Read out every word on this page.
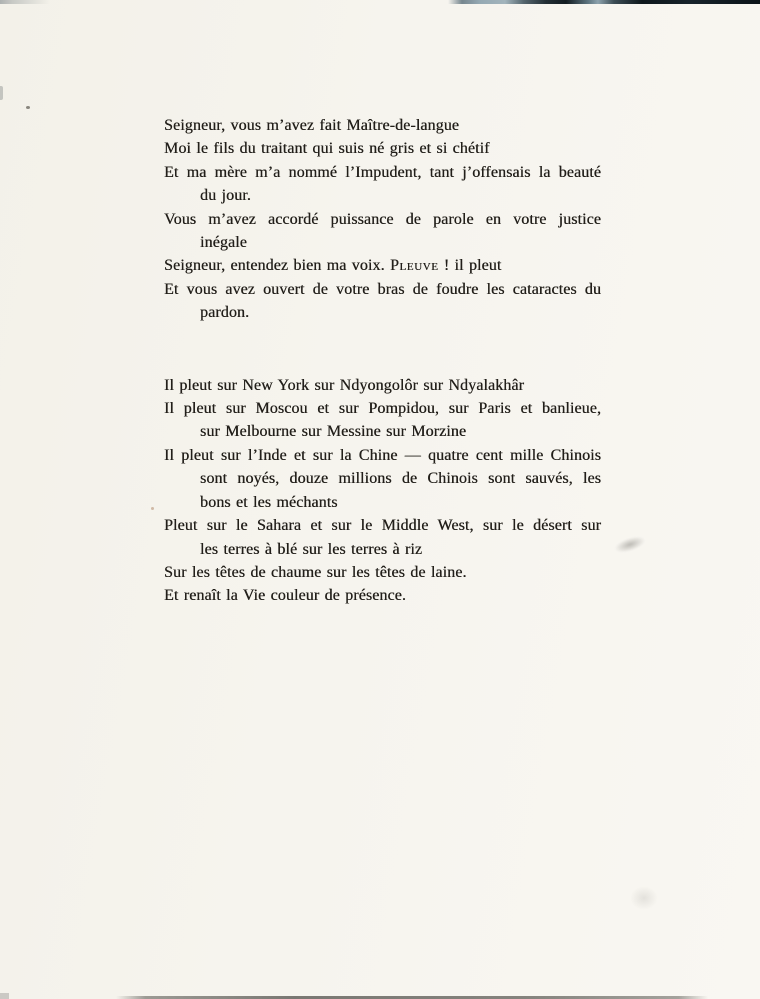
Seigneur, vous m’avez fait Maître-de-langue
Moi le fils du traitant qui suis né gris et si chétif
Et ma mère m’a nommé l’Impudent, tant j’offensais la beauté
du jour.
Vous m’avez accordé puissance de parole en votre justice
inégale
Seigneur, entendez bien ma voix. Pleuve ! il pleut
Et vous avez ouvert de votre bras de foudre les cataractes du
pardon.
Il pleut sur New York sur Ndyongolôr sur Ndyalakhâr
Il pleut sur Moscou et sur Pompidou, sur Paris et banlieue,
sur Melbourne sur Messine sur Morzine
Il pleut sur l’Inde et sur la Chine — quatre cent mille Chinois
sont noyés, douze millions de Chinois sont sauvés, les
bons et les méchants
Pleut sur le Sahara et sur le Middle West, sur le désert sur
les terres à blé sur les terres à riz
Sur les têtes de chaume sur les têtes de laine.
Et renaît la Vie couleur de présence.
